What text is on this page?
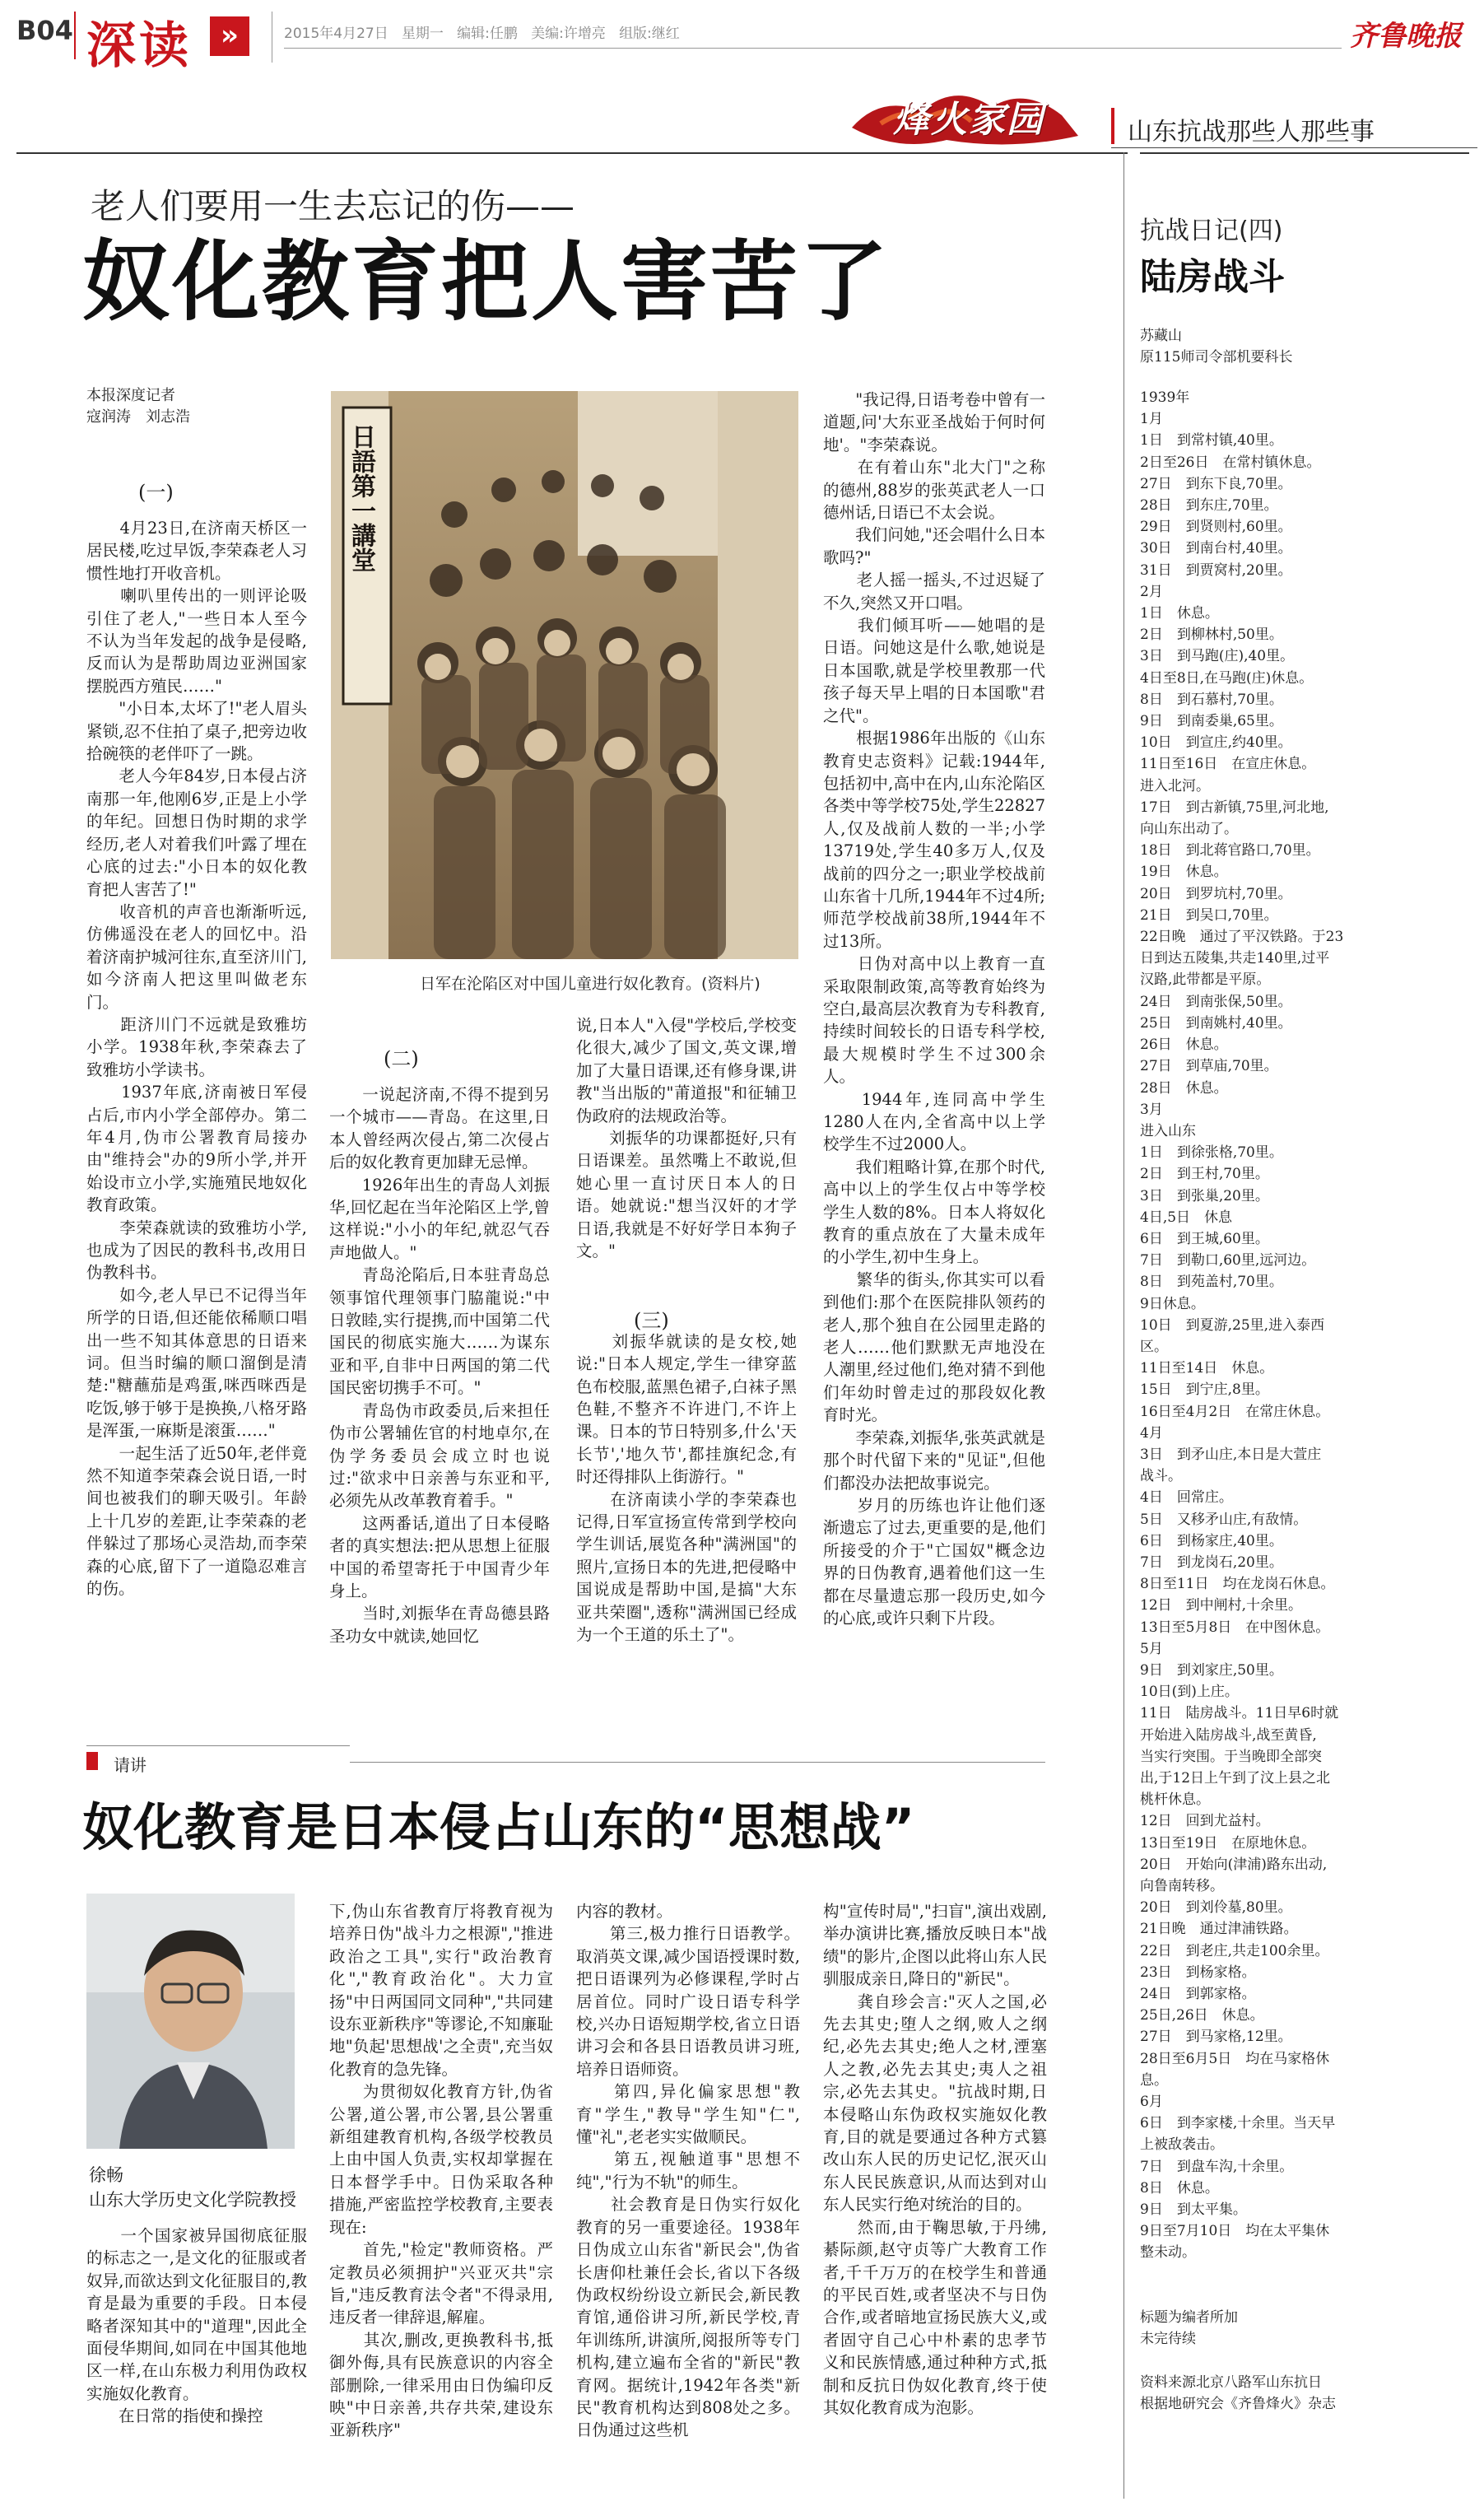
B04 深读	»	2015年4月27日 星期一 编辑:任鹏 美编:许增亮 组版:继红	齐鲁晚报
烽火家园	山东抗战那些人那些事
老人们要用一生去忘记的伤——
奴化教育把人害苦了
本报深度记者
寇润涛　刘志浩
日語第一講堂
日军在沦陷区对中国儿童进行奴化教育。(资料片)
(一)
(二)
(三)
　　4月23日,在济南天桥区一居民楼,吃过早饭,李荣森老人习惯性地打开收音机。
　　喇叭里传出的一则评论吸引住了老人,"一些日本人至今不认为当年发起的战争是侵略,反而认为是帮助周边亚洲国家摆脱西方殖民……"
　　"小日本,太坏了!"老人眉头紧锁,忍不住拍了桌子,把旁边收拾碗筷的老伴吓了一跳。
　　老人今年84岁,日本侵占济南那一年,他刚6岁,正是上小学的年纪。回想日伪时期的求学经历,老人对着我们叶露了埋在心底的过去:"小日本的奴化教育把人害苦了!"
　　收音机的声音也渐渐听远,仿佛遥没在老人的回忆中。沿着济南护城河往东,直至济川门,如今济南人把这里叫做老东门。
　　距济川门不远就是致雅坊小学。1938年秋,李荣森去了致雅坊小学读书。
　　1937年底,济南被日军侵占后,市内小学全部停办。第二年4月,伪市公署教育局接办由"维持会"办的9所小学,并开始设市立小学,实施殖民地奴化教育政策。
　　李荣森就读的致雅坊小学,也成为了因民的教科书,改用日伪教科书。
　　如今,老人早已不记得当年所学的日语,但还能依稀顺口唱出一些不知其体意思的日语来词。但当时编的顺口溜倒是清楚:"糖蘸茄是鸡蛋,咪西咪西是吃饭,够于够于是换换,八格牙路是浑蛋,一麻斯是滚蛋……"
　　一起生活了近50年,老伴竟然不知道李荣森会说日语,一时间也被我们的聊天吸引。年龄上十几岁的差距,让李荣森的老伴躲过了那场心灵浩劫,而李荣森的心底,留下了一道隐忍难言的伤。
　　一说起济南,不得不提到另一个城市——青岛。在这里,日本人曾经两次侵占,第二次侵占后的奴化教育更加肆无忌惮。
　　1926年出生的青岛人刘振华,回忆起在当年沦陷区上学,曾这样说:"小小的年纪,就忍气吞声地做人。"
　　青岛沦陷后,日本驻青岛总领事馆代理领事门脇龍说:"中日敦睦,实行提携,而中国第二代国民的彻底实施大……为谋东亚和平,自非中日两国的第二代国民密切携手不可。"
　　青岛伪市政委员,后来担任伪市公署辅佐官的村地卓尔,在伪学务委员会成立时也说过:"欲求中日亲善与东亚和平,必须先从改革教育着手。"
　　这两番话,道出了日本侵略者的真实想法:把从思想上征服中国的希望寄托于中国青少年身上。
　　当时,刘振华在青岛德县路圣功女中就读,她回忆
说,日本人"入侵"学校后,学校变化很大,减少了国文,英文课,增加了大量日语课,还有修身课,讲教"当出版的"莆道报"和征辅卫伪政府的法规政治等。
　　刘振华的功课都挺好,只有日语课差。虽然嘴上不敢说,但她心里一直讨厌日本人的日语。她就说:"想当汉奸的才学日语,我就是不好好学日本狗子文。"

　　刘振华就读的是女校,她说:"日本人规定,学生一律穿蓝色布校服,蓝黑色裙子,白袜子黑色鞋,不整齐不许进门,不许上课。日本的节日特别多,什么'天长节','地久节',都挂旗纪念,有时还得排队上街游行。"
　　在济南读小学的李荣森也记得,日军宣扬宣传常到学校向学生训话,展览各种"满洲国"的照片,宣扬日本的先进,把侵略中国说成是帮助中国,是搞"大东亚共荣圈",透称"满洲国已经成为一个王道的乐土了"。
　　"我记得,日语考卷中曾有一道题,问'大东亚圣战始于何时何地'。"李荣森说。
　　在有着山东"北大门"之称的德州,88岁的张英武老人一口德州话,日语已不太会说。
　　我们问她,"还会唱什么日本歌吗?"
　　老人摇一摇头,不过迟疑了不久,突然又开口唱。
　　我们倾耳听——她唱的是日语。问她这是什么歌,她说是日本国歌,就是学校里教那一代孩子每天早上唱的日本国歌"君之代"。
　　根据1986年出版的《山东教育史志资料》记载:1944年,包括初中,高中在内,山东沦陷区各类中等学校75处,学生22827人,仅及战前人数的一半;小学13719处,学生40多万人,仅及战前的四分之一;职业学校战前山东省十几所,1944年不过4所;师范学校战前38所,1944年不过13所。
　　日伪对高中以上教育一直采取限制政策,高等教育始终为空白,最高层次教育为专科教育,持续时间较长的日语专科学校,最大规模时学生不过300余人。
　　1944年,连同高中学生1280人在内,全省高中以上学校学生不过2000人。
　　我们粗略计算,在那个时代,高中以上的学生仅占中等学校学生人数的8%。日本人将奴化教育的重点放在了大量未成年的小学生,初中生身上。
　　繁华的街头,你其实可以看到他们:那个在医院排队领药的老人,那个独自在公园里走路的老人……他们默默无声地没在人潮里,经过他们,绝对猜不到他们年幼时曾走过的那段奴化教育时光。
　　李荣森,刘振华,张英武就是那个时代留下来的"见证",但他们都没办法把故事说完。
　　岁月的历练也许让他们逐渐遗忘了过去,更重要的是,他们所接受的介于"亡国奴"概念边界的日伪教育,遇着他们这一生都在尽量遗忘那一段历史,如今的心底,或许只剩下片段。
请讲
奴化教育是日本侵占山东的“思想战”
徐畅
山东大学历史文化学院教授
　　一个国家被异国彻底征服的标志之一,是文化的征服或者奴异,而欲达到文化征服目的,教育是最为重要的手段。日本侵略者深知其中的"道理",因此全面侵华期间,如同在中国其他地区一样,在山东极力利用伪政权实施奴化教育。
　　在日常的指使和操控
下,伪山东省教育厅将教育视为培养日伪"战斗力之根源","推进政治之工具",实行"政治教育化","教育政治化"。大力宣扬"中日两国同文同种","共同建设东亚新秩序"等谬论,不知廉耻地"负起'思想战'之全责",充当奴化教育的急先锋。
　　为贯彻奴化教育方针,伪省公署,道公署,市公署,县公署重新组建教育机构,各级学校教员上由中国人负责,实权却掌握在日本督学手中。日伪采取各种措施,严密监控学校教育,主要表现在:
　　首先,"检定"教师资格。严定教员必须拥护"兴亚灭共"宗旨,"违反教育法令者"不得录用,违反者一律辞退,解雇。
　　其次,删改,更换教科书,抵御外侮,具有民族意识的内容全部删除,一律采用由日伪编印反映"中日亲善,共存共荣,建设东亚新秩序"
内容的教材。
　　第三,极力推行日语教学。取消英文课,减少国语授课时数,把日语课列为必修课程,学时占居首位。同时广设日语专科学校,兴办日语短期学校,省立日语讲习会和各县日语教员讲习班,培养日语师资。
　　第四,异化偏家思想"教育"学生,"教导"学生知"仁",懂"礼",老老实实做顺民。
　　第五,视触道事"思想不纯","行为不轨"的师生。
　　社会教育是日伪实行奴化教育的另一重要途径。1938年日伪成立山东省"新民会",伪省长唐仰杜兼任会长,省以下各级伪政权纷纷设立新民会,新民教育馆,通俗讲习所,新民学校,青年训练所,讲演所,阅报所等专门机构,建立遍布全省的"新民"教育网。据统计,1942年各类"新民"教育机构达到808处之多。日伪通过这些机
构"宣传时局","扫盲",演出戏剧,举办演讲比赛,播放反映日本"战绩"的影片,企图以此将山东人民驯服成亲日,降日的"新民"。
　　龚自珍会言:"灭人之国,必先去其史;堕人之纲,败人之纲纪,必先去其史;绝人之材,湮塞人之教,必先去其史;夷人之祖宗,必先去其史。"抗战时期,日本侵略山东伪政权实施奴化教育,目的就是要通过各种方式篡改山东人民的历史记忆,泯灭山东人民民族意识,从而达到对山东人民实行绝对统治的目的。
　　然而,由于鞠思敏,于丹绋,綦际颜,赵守贞等广大教育工作者,千千万万的在校学生和普通的平民百姓,或者坚决不与日伪合作,或者暗地宣扬民族大义,或者固守自己心中朴素的忠孝节义和民族情感,通过种种方式,抵制和反抗日伪奴化教育,终于使其奴化教育成为泡影。
抗战日记(四)
陆房战斗
苏藏山
原115师司令部机要科长
1939年
1月
1日　到常村镇,40里。
2日至26日　在常村镇休息。
27日　到东下良,70里。
28日　到东庄,70里。
29日　到贤则村,60里。
30日　到南台村,40里。
31日　到贾窝村,20里。
2月
1日　休息。
2日　到柳林村,50里。
3日　到马跑(庄),40里。
4日至8日,在马跑(庄)休息。
8日　到石慕村,70里。
9日　到南委巢,65里。
10日　到宣庄,约40里。
11日至16日　在宣庄休息。
进入北河。
17日　到古新镇,75里,河北地,
向山东出动了。
18日　到北蒋官路口,70里。
19日　休息。
20日　到罗坑村,70里。
21日　到吴口,70里。
22日晚　通过了平汉铁路。于23
日到达五陵集,共走140里,过平
汉路,此带都是平原。
24日　到南张保,50里。
25日　到南姚村,40里。
26日　休息。
27日　到草庙,70里。
28日　休息。
3月
进入山东
1日　到徐张格,70里。
2日　到王村,70里。
3日　到张巢,20里。
4日,5日　休息
6日　到王城,60里。
7日　到勒口,60里,远河边。
8日　到苑盖村,70里。
9日休息。
10日　到夏游,25里,进入泰西
区。
11日至14日　休息。
15日　到宁庄,8里。
16日至4月2日　在常庄休息。
4月
3日　到矛山庄,本日是大萱庄
战斗。
4日　回常庄。
5日　又移矛山庄,有敌情。
6日　到杨家庄,40里。
7日　到龙岗石,20里。
8日至11日　均在龙岗石休息。
12日　到中闸村,十余里。
13日至5月8日　在中图休息。
5月
9日　到刘家庄,50里。
10日(到)上庄。
11日　陆房战斗。11日早6时就
开始进入陆房战斗,战至黄昏,
当实行突围。于当晚即全部突
出,于12日上午到了汶上县之北
桃杆休息。
12日　回到尤益村。
13日至19日　在原地休息。
20日　开始向(津浦)路东出动,
向鲁南转移。
20日　到刘伶墓,80里。
21日晚　通过津浦铁路。
22日　到老庄,共走100余里。
23日　到杨家格。
24日　到郭家格。
25日,26日　休息。
27日　到马家格,12里。
28日至6月5日　均在马家格休
息。
6月
6日　到李家楼,十余里。当天早
上被敌袭击。
7日　到盘车沟,十余里。
8日　休息。
9日　到太平集。
9日至7月10日　均在太平集休
整未动。

标题为编者所加
未完待续

资料来源北京八路军山东抗日
根据地研究会《齐鲁烽火》杂志
